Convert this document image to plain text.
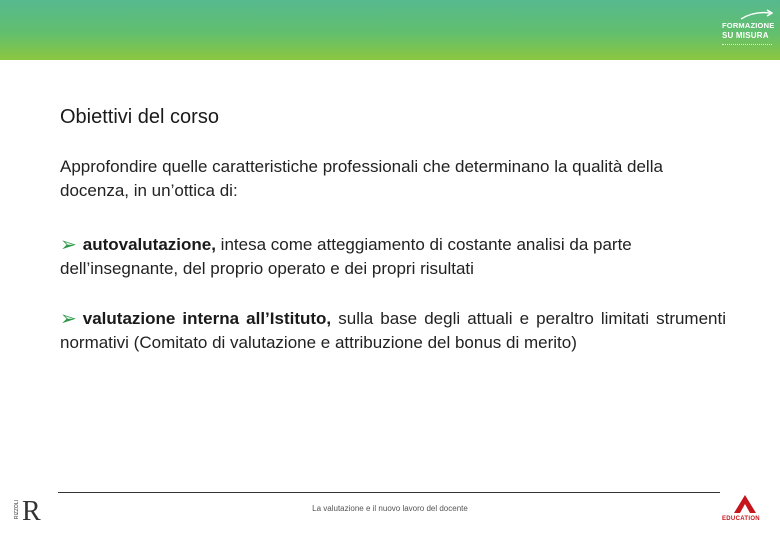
FORMAZIONE
SU MISURA
Obiettivi del corso
Approfondire quelle caratteristiche professionali che determinano la qualità della docenza, in un’ottica di:
➢ autovalutazione, intesa come atteggiamento di costante analisi da parte dell’insegnante, del proprio operato e dei propri risultati
➢ valutazione interna all’Istituto, sulla base degli attuali e peraltro limitati strumenti normativi (Comitato di valutazione e attribuzione del bonus di merito)
RIZZOLI R	La valutazione e il nuovo lavoro del docente
EDUCATION
